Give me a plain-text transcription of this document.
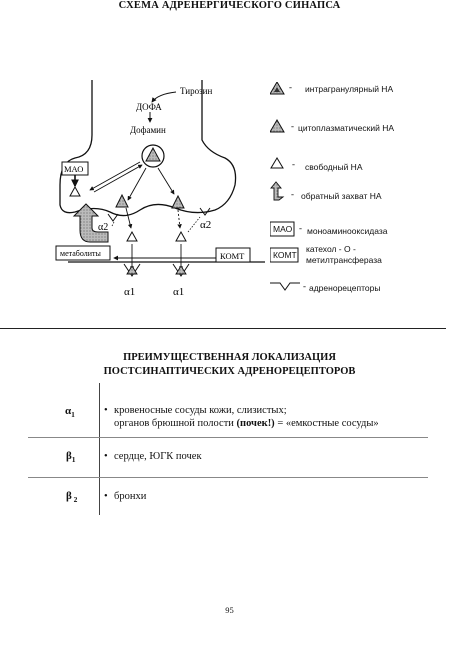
СХЕМА АДРЕНЕРГИЧЕСКОГО СИНАПСА
Тирозин
ДОФА
Дофамин
МАО
метаболиты	КОМТ
α2	α2
α1	α1
- интрагранулярный НА
- цитоплазматический НА
- свободный НА
- обратный захват НА
МАО - моноаминооксидаза
КОМТ
катехол - О -
метилтрансфераза
- адренорецепторы
ПРЕИМУЩЕСТВЕННАЯ ЛОКАЛИЗАЦИЯ
ПОСТСИНАПТИЧЕСКИХ АДРЕНОРЕЦЕПТОРОВ
$\alpha_1$	• кровеносные сосуды кожи, слизистых;
органов брюшной полости (почек!) = «емкостные сосуды»
$\beta_1$	• сердце, ЮГК почек
β $_2$	• бронхи
95
